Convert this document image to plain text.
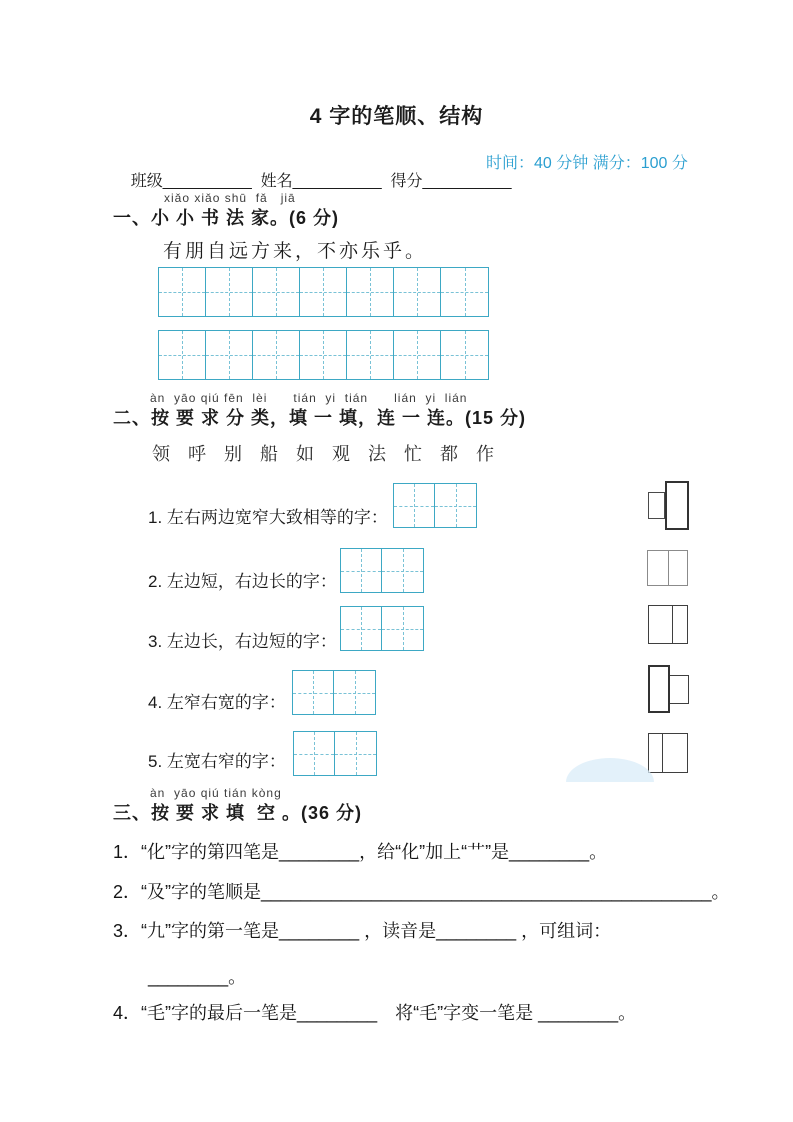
4 字的笔顺、结构

班级__________  姓名__________  得分__________

时间：40 分钟 满分：100 分
xiǎo xiǎo shū  fǎ   jiā
一、小 小 书 法 家。(6 分)
有朋自远方来，不亦乐乎。
àn  yāo qiú fēn  lèi      tián  yi  tián      lián  yi  lián
二、按 要 求 分 类，填 一 填，连 一 连。(15 分)
领 呼 别 船 如 观 法 忙 都 作
1. 左右两边宽窄大致相等的字：
2. 左边短，右边长的字：
3. 左边长，右边短的字：
4. 左窄右宽的字：
5. 左宽右窄的字：
àn  yāo qiú tián kòng
三、按 要 求 填  空 。(36 分)
1．“化”字的第四笔是________，给“化”加上“艹”是________。
2．“及”字的笔顺是_____________________________________________。
3．“九”字的第一笔是________ ，读音是________ ，可组词：
________。
4．“毛”字的最后一笔是________　将“毛”字变一笔是 ________。
